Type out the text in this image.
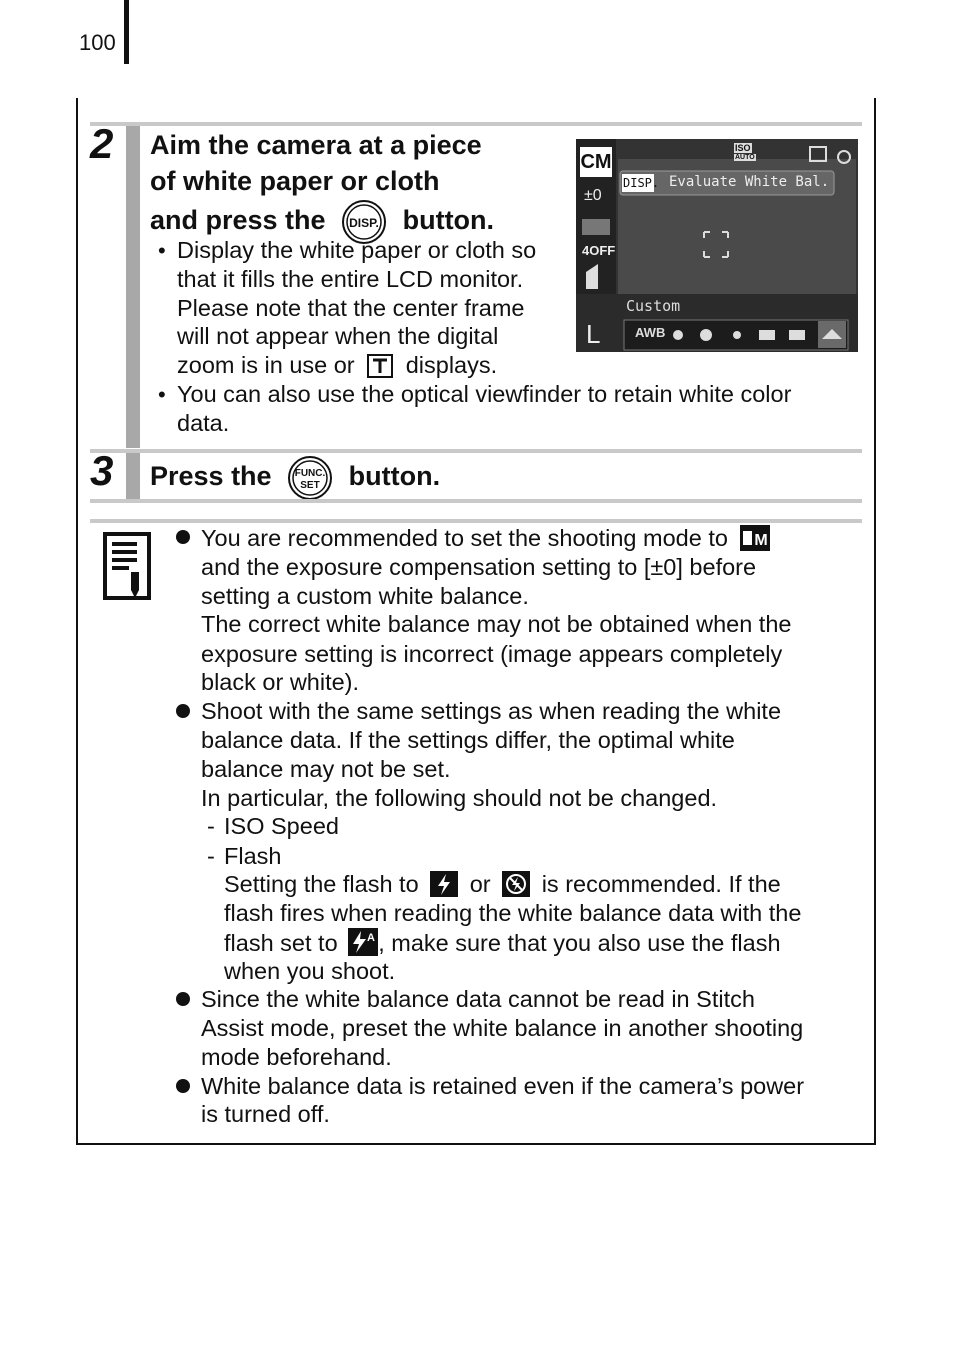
100
2 Aim the camera at a piece
of white paper or cloth
and press the DISP. button.
• Display the white paper or cloth so
that it fills the entire LCD monitor.
Please note that the center frame
will not appear when the digital
zoom is in use or displays.
• You can also use the optical viewfinder to retain white color
data.
CM
±0
4OFF
L
ISO
AUTO
DISP. Evaluate White Bal.
Custom
AWB
3 Press the FUNC.
SET button.
You are recommended to set the shooting mode to M
and the exposure compensation setting to [±0] before
setting a custom white balance.
The correct white balance may not be obtained when the
exposure setting is incorrect (image appears completely
black or white).
Shoot with the same settings as when reading the white
balance data. If the settings differ, the optimal white
balance may not be set.
In particular, the following should not be changed.
- ISO Speed
- Flash
Setting the flash to or is recommended. If the
flash fires when reading the white balance data with the
flash set to	A , make sure that you also use the flash
when you shoot.
Since the white balance data cannot be read in Stitch
Assist mode, preset the white balance in another shooting
mode beforehand.
White balance data is retained even if the camera’s power
is turned off.
